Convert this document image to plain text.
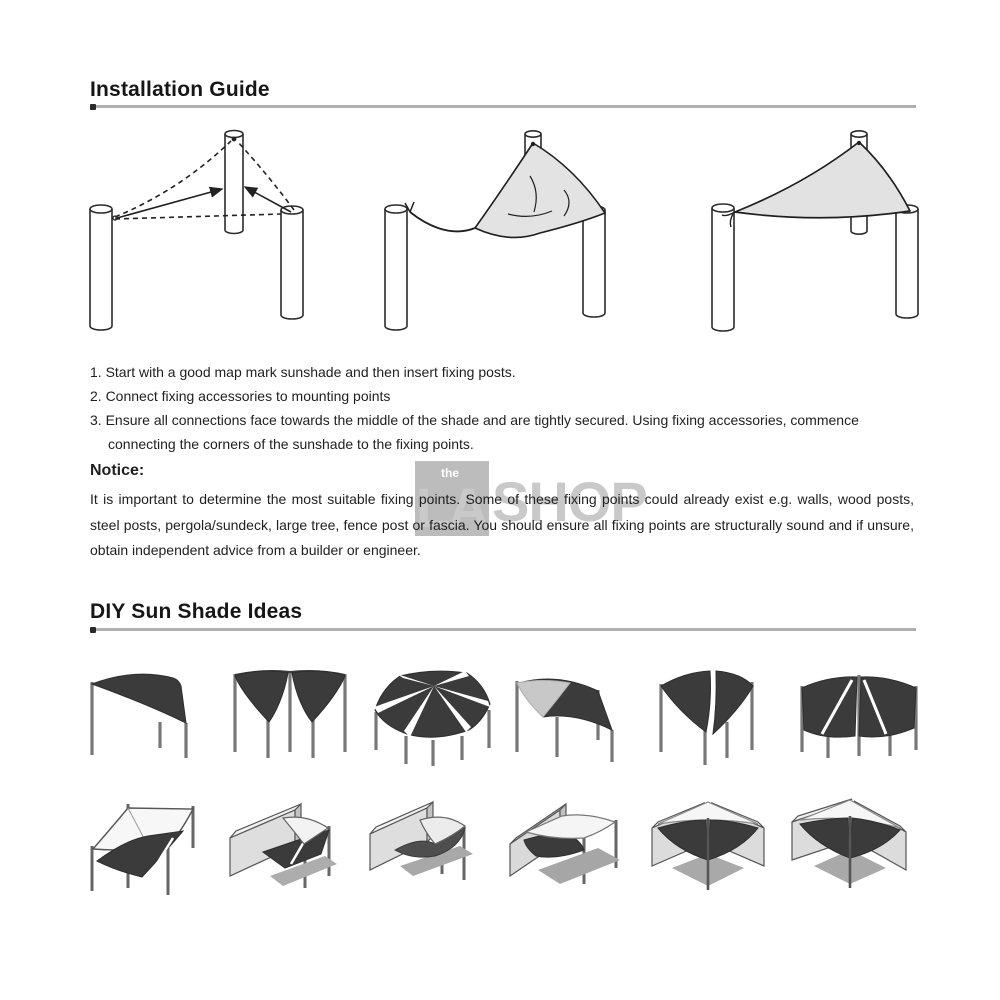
Installation Guide
1. Start with a good map mark sunshade and then insert fixing posts.
2. Connect fixing accessories to mounting points
3. Ensure all connections face towards the middle of the shade and are tightly secured. Using fixing accessories, commence connecting the corners of the sunshade to the fixing points.
the
LA SHOP
Notice:
It is important to determine the most suitable fixing points. Some of these fixing points could already exist e.g. walls, wood posts, steel posts, pergola/sundeck, large tree, fence post or fascia. You should ensure all fixing points are structurally sound and if unsure, obtain independent advice from a builder or engineer.
DIY Sun Shade Ideas
